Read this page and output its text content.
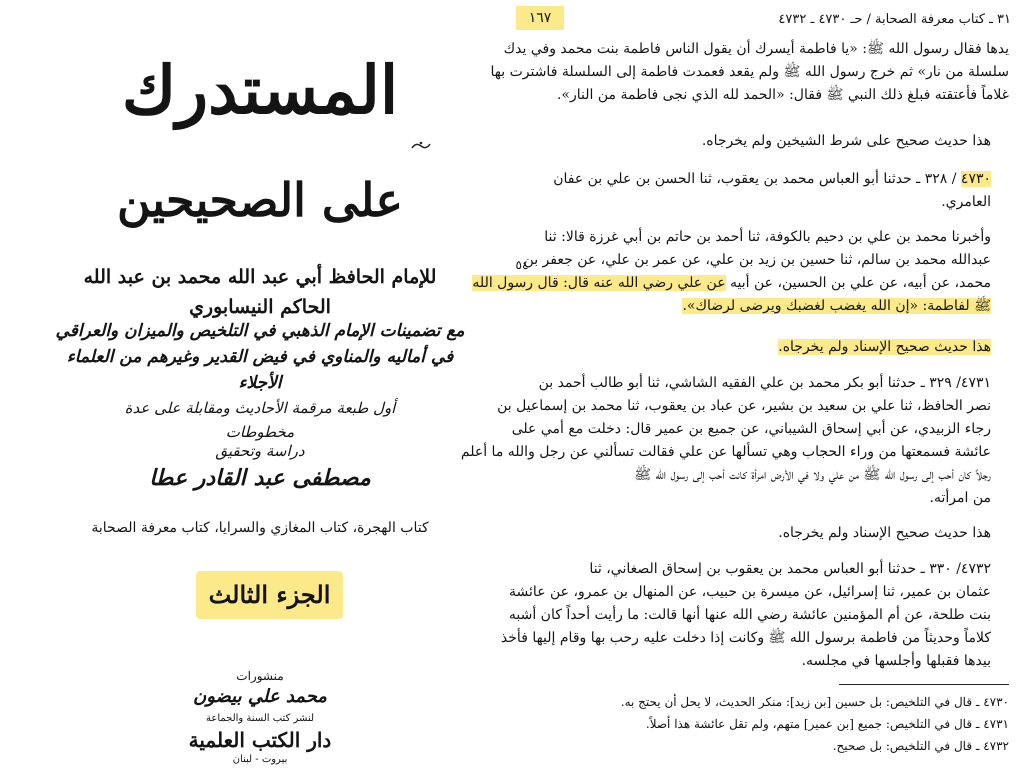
المستدرك
على الصحيحين
للإمام الحافظ أبي عبد الله محمد بن عبد الله الحاكم النيسابوري
مع تضمينات الإمام الذهبي في التلخيص والميزان والعراقي
في أماليه والمناوي في فيض القدير وغيرهم من العلماء الأجلاء
أول طبعة مرقمة الأحاديث ومقابلة على عدة مخطوطات
دراسة وتحقيق
مصطفى عبد القادر عطا
كتاب الهجرة، كتاب المغازي والسرايا، كتاب معرفة الصحابة
الجزء الثالث
منشورات
محمد علي بيضون
لنشر كتب السنة والجماعة
دار الكتب العلمية
بيروت - لبنان
٣١ ـ كتاب معرفة الصحابة / حـ ٤٧٣٠ ـ ٤٧٣٢
١٦٧
يدها فقال رسول الله ﷺ: «يا فاطمة أيسرك أن يقول الناس فاطمة بنت محمد وفي يدك
سلسلة من نار» ثم خرج رسول الله ﷺ ولم يقعد فعمدت فاطمة إلى السلسلة فاشترت بها
غلاماً فأعتقته فبلغ ذلك النبي ﷺ فقال: «الحمد لله الذي نجى فاطمة من النار».
هذا حديث صحيح على شرط الشيخين ولم يخرجاه.
٤٧٣٠ / ٣٢٨ ـ حدثنا أبو العباس محمد بن يعقوب، ثنا الحسن بن علي بن عفان
العامري.
وأخبرنا محمد بن علي بن دحيم بالكوفة، ثنا أحمد بن حاتم بن أبي غرزة قالا: ثنا
عبدالله محمد بن سالم، ثنا حسين بن زيد بن علي، عن عمر بن علي، عن جعفر بن
محمد، عن أبيه، عن علي بن الحسين، عن أبيه عن علي رضي الله عنه قال: قال رسول الله
ﷺ لفاطمة: «إن الله يغضب لغضبك ويرضى لرضاك».
٥٤
هذا حديث صحيح الإسناد ولم يخرجاه.
٤٧٣١/ ٣٢٩ ـ حدثنا أبو بكر محمد بن علي الفقيه الشاشي، ثنا أبو طالب أحمد بن
نصر الحافظ، ثنا علي بن سعيد بن بشير، عن عباد بن يعقوب، ثنا محمد بن إسماعيل بن
رجاء الزبيدي، عن أبي إسحاق الشيباني، عن جميع بن عمير قال: دخلت مع أمي على
عائشة فسمعتها من وراء الحجاب وهي تسألها عن علي فقالت تسألني عن رجل والله ما أعلم
رجلاً كان أحب إلى رسول الله ﷺ من علي ولا في الأرض امرأة كانت أحب إلى رسول الله ﷺ
من امرأته.
هذا حديث صحيح الإسناد ولم يخرجاه.
٤٧٣٢/ ٣٣٠ ـ حدثنا أبو العباس محمد بن يعقوب بن إسحاق الصغاني، ثنا
عثمان بن عمير، ثنا إسرائيل، عن ميسرة بن حبيب، عن المنهال بن عمرو، عن عائشة
بنت طلحة، عن أم المؤمنين عائشة رضي الله عنها أنها قالت: ما رأيت أحداً كان أشبه
كلاماً وحديثاً من فاطمة برسول الله ﷺ وكانت إذا دخلت عليه رحب بها وقام إليها فأخذ
بيدها فقبلها وأجلسها في مجلسه.
٤٧٣٠ ـ قال في التلخيص: بل حسين [بن زيد]: منكر الحديث، لا يحل أن يحتج به.
٤٧٣١ ـ قال في التلخيص: جميع [بن عمير] متهم، ولم تقل عائشة هذا أصلاً.
٤٧٣٢ ـ قال في التلخيص: بل صحيح.
